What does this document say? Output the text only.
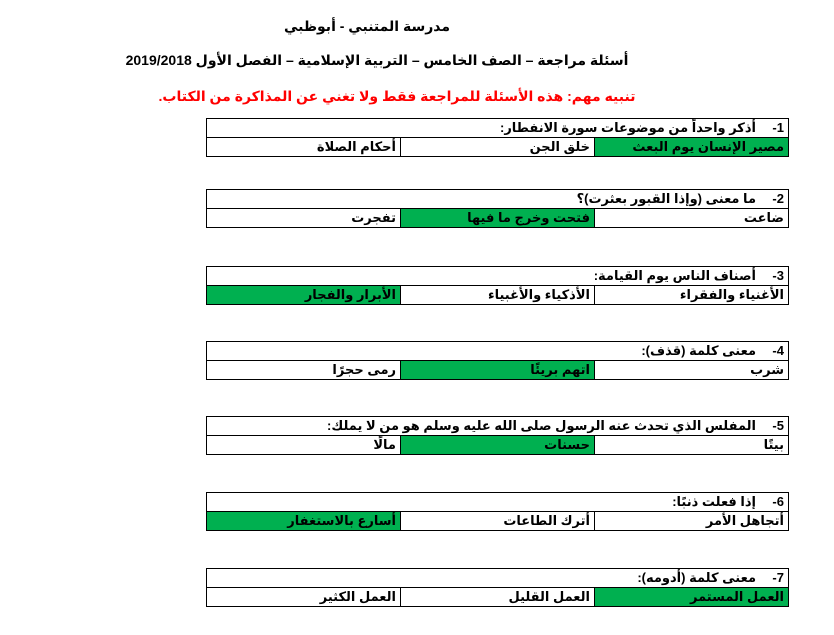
مدرسة المتنبي - أبوظبي
أسئلة مراجعة – الصف الخامس – التربية الإسلامية – الفصل الأول 2019/2018
تنبيه مهم: هذه الأسئلة للمراجعة فقط ولا تغني عن المذاكرة من الكتاب.
1-أذكر واحداً من موضوعات سورة الانفطار:
مصير الإنسان يوم البعث	خلق الجن	أحكام الصلاة
2-ما معنى (وإذا القبور بعثرت)؟
ضاعت	فتحت وخرج ما فيها	تفجرت
3-أصناف الناس يوم القيامة:
الأغنياء والفقراء	الأذكياء والأغبياء	الأبرار والفجار
4-معنى كلمة (قذف):
شرب	اتهم بريئًا	رمى حجرًا
5-المفلس الذي تحدث عنه الرسول صلى الله عليه وسلم هو من لا يملك:
بيتًا	حسنات	مالًا
6-إذا فعلت ذنبًا:
أتجاهل الأمر	أترك الطاعات	أسارع بالاستغفار
7-معنى كلمة (أدومه):
العمل المستمر	العمل القليل	العمل الكثير
